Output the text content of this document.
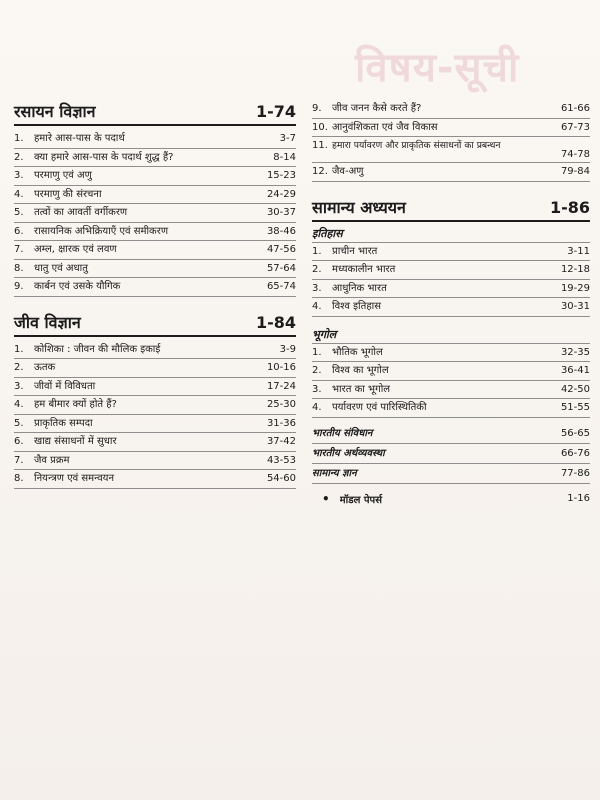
विषय-सूची
रसायन विज्ञान	1-74
1.	हमारे आस-पास के पदार्थ	3-7
2.	क्या हमारे आस-पास के पदार्थ शुद्ध हैं?	8-14
3.	परमाणु एवं अणु	15-23
4.	परमाणु की संरचना	24-29
5.	तत्वों का आवर्ती वर्गीकरण	30-37
6.	रासायनिक अभिक्रियाएँ एवं समीकरण	38-46
7.	अम्ल, क्षारक एवं लवण	47-56
8.	धातु एवं अधातु	57-64
9.	कार्बन एवं उसके यौगिक	65-74
जीव विज्ञान	1-84
1.	कोशिका : जीवन की मौलिक इकाई	3-9
2.	ऊतक	10-16
3.	जीवों में विविधता	17-24
4.	हम बीमार क्यों होते हैं?	25-30
5.	प्राकृतिक सम्पदा	31-36
6.	खाद्य संसाधनों में सुधार	37-42
7.	जैव प्रक्रम	43-53
8.	नियन्त्रण एवं समन्वयन	54-60
9.	जीव जनन कैसे करते हैं?	61-66
10. आनुवंशिकता एवं जैव विकास	67-73
11. हमारा पर्यावरण और प्राकृतिक संसाधनों का प्रबन्धन
74-78
12. जैव-अणु	79-84
सामान्य अध्ययन	1-86
इतिहास
1.	प्राचीन भारत	3-11
2.	मध्यकालीन भारत	12-18
3.	आधुनिक भारत	19-29
4.	विश्व इतिहास	30-31
भूगोल
1.	भौतिक भूगोल	32-35
2.	विश्व का भूगोल	36-41
3.	भारत का भूगोल	42-50
4.	पर्यावरण एवं पारिस्थितिकी	51-55
भारतीय संविधान	56-65
भारतीय अर्थव्यवस्था	66-76
सामान्य ज्ञान	77-86
• मॉडल पेपर्स	1-16
